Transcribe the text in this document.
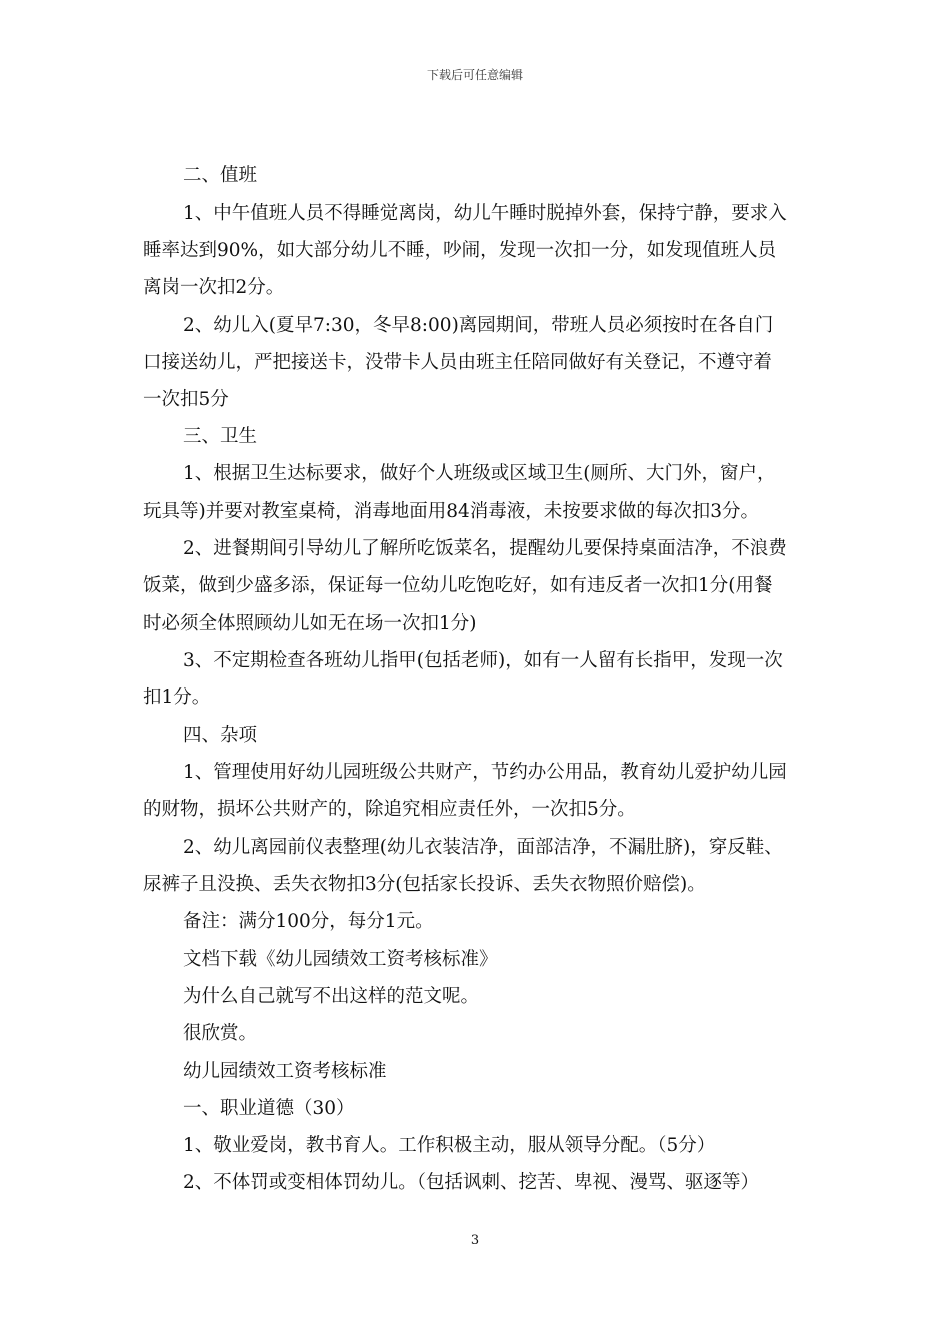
下载后可任意编辑
二、值班
1、中午值班人员不得睡觉离岗，幼儿午睡时脱掉外套，保持宁静，要求入
睡率达到90%，如大部分幼儿不睡，吵闹，发现一次扣一分，如发现值班人员
离岗一次扣2分。
2、幼儿入(夏早7:30，冬早8:00)离园期间，带班人员必须按时在各自门
口接送幼儿，严把接送卡，没带卡人员由班主任陪同做好有关登记，不遵守着
一次扣5分
三、卫生
1、根据卫生达标要求，做好个人班级或区域卫生(厕所、大门外，窗户，
玩具等)并要对教室桌椅，消毒地面用84消毒液，未按要求做的每次扣3分。
2、进餐期间引导幼儿了解所吃饭菜名，提醒幼儿要保持桌面洁净，不浪费
饭菜，做到少盛多添，保证每一位幼儿吃饱吃好，如有违反者一次扣1分(用餐
时必须全体照顾幼儿如无在场一次扣1分)
3、不定期检查各班幼儿指甲(包括老师)，如有一人留有长指甲，发现一次
扣1分。
四、杂项
1、管理使用好幼儿园班级公共财产，节约办公用品，教育幼儿爱护幼儿园
的财物，损坏公共财产的，除追究相应责任外，一次扣5分。
2、幼儿离园前仪表整理(幼儿衣装洁净，面部洁净，不漏肚脐)，穿反鞋、
尿裤子且没换、丢失衣物扣3分(包括家长投诉、丢失衣物照价赔偿)。
备注：满分100分，每分1元。
文档下载《幼儿园绩效工资考核标准》
为什么自己就写不出这样的范文呢。
很欣赏。
幼儿园绩效工资考核标准
一、职业道德（30）
1、敬业爱岗，教书育人。工作积极主动，服从领导分配。（5分）
2、不体罚或变相体罚幼儿。（包括讽刺、挖苦、卑视、漫骂、驱逐等）
3
